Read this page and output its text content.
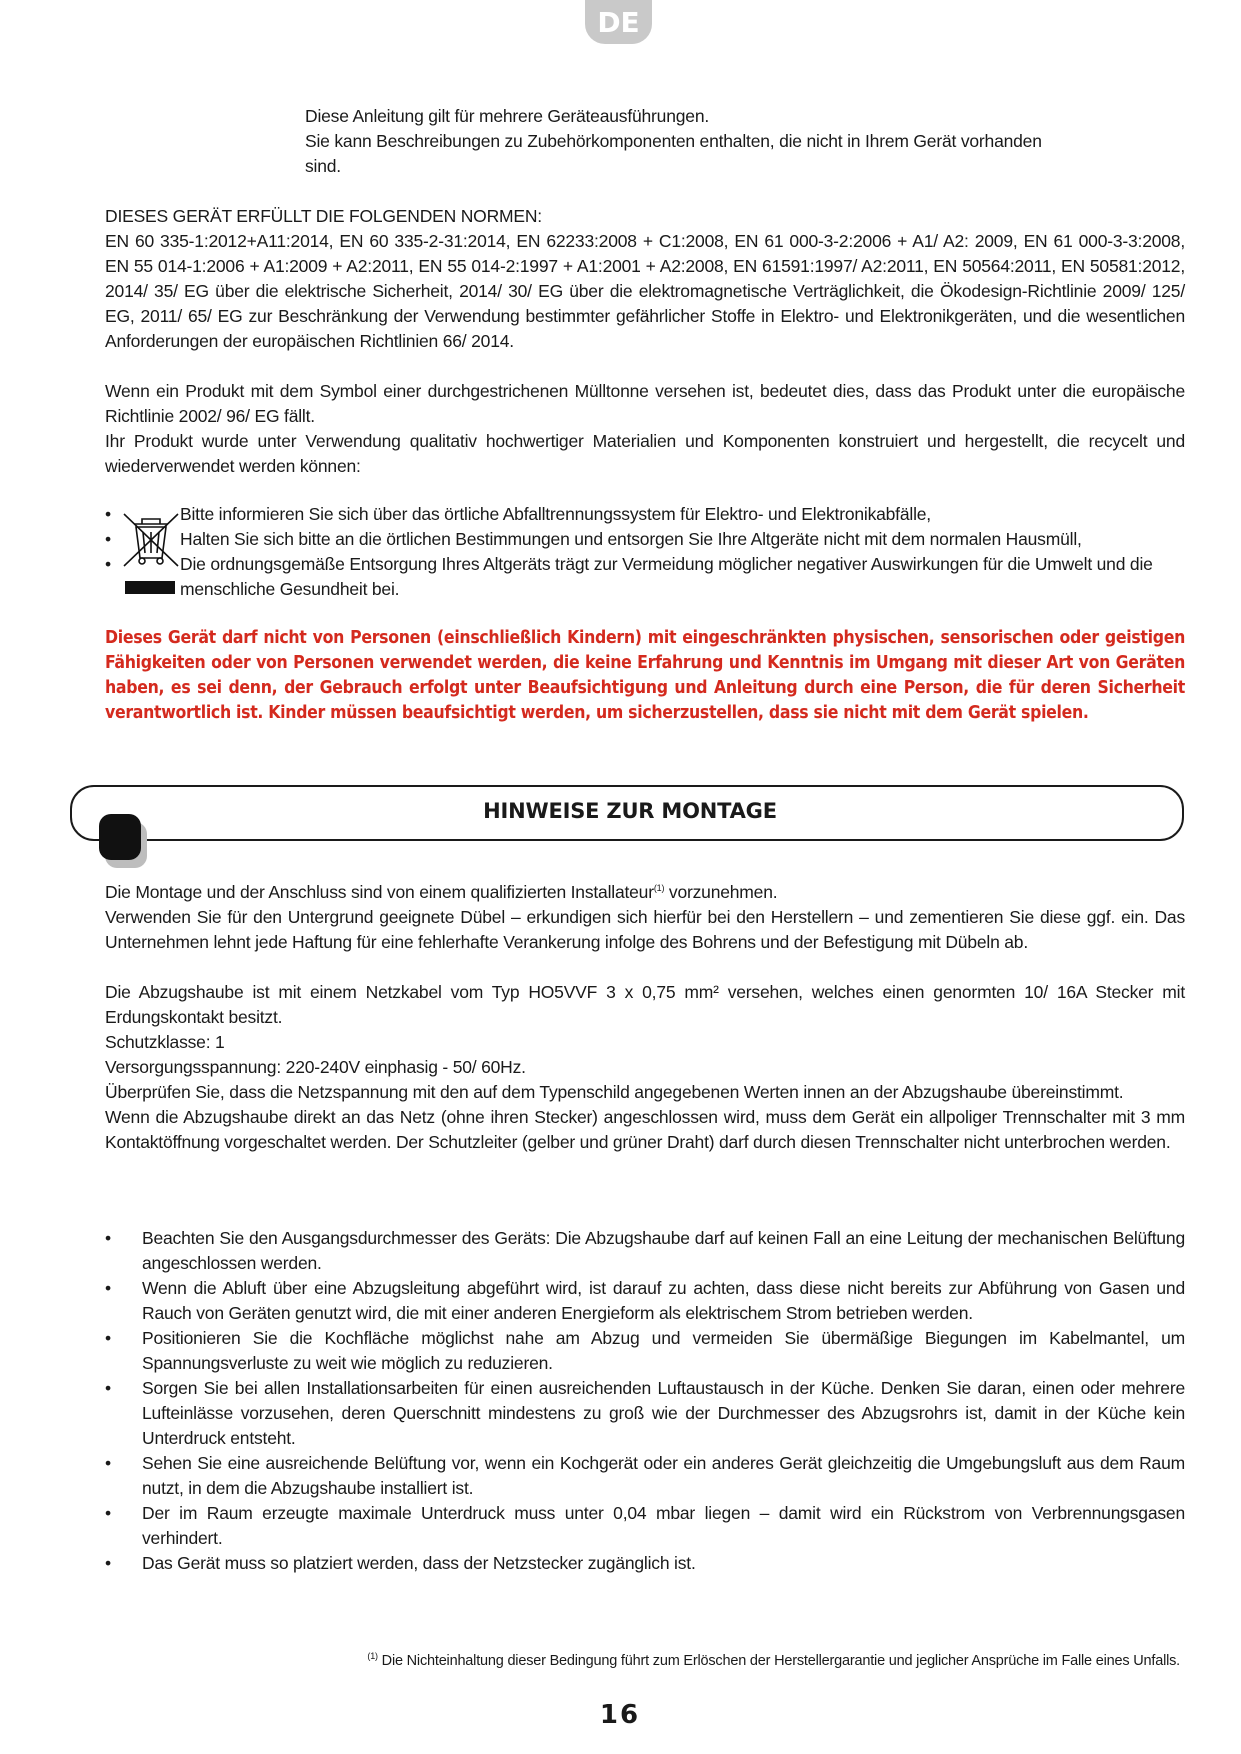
DE
Diese Anleitung gilt für mehrere Geräteausführungen.
Sie kann Beschreibungen zu Zubehörkomponenten enthalten, die nicht in Ihrem Gerät vorhanden sind.

DIESES GERÄT ERFÜLLT DIE FOLGENDEN NORMEN:

EN 60 335-1:2012+A11:2014, EN 60 335-2-31:2014, EN 62233:2008 + C1:2008, EN 61 000-3-2:2006 + A1/ A2: 2009, EN 61 000-3-3:2008, EN 55 014-1:2006 + A1:2009 + A2:2011, EN 55 014-2:1997 + A1:2001 + A2:2008, EN 61591:1997/ A2:2011, EN 50564:2011, EN 50581:2012, 2014/ 35/ EG über die elektrische Sicherheit, 2014/ 30/ EG über die elektromagnetische Verträglichkeit, die Ökodesign-Richtlinie 2009/ 125/ EG, 2011/ 65/ EG zur Beschränkung der Verwendung bestimmter gefährlicher Stoffe in Elektro- und Elektronikgeräten, und die wesentlichen Anforderungen der europäischen Richtlinien 66/ 2014.

Wenn ein Produkt mit dem Symbol einer durchgestrichenen Mülltonne versehen ist, bedeutet dies, dass das Produkt unter die europäische Richtlinie 2002/ 96/ EG fällt.

Ihr Produkt wurde unter Verwendung qualitativ hochwertiger Materialien und Komponenten konstruiert und hergestellt, die recycelt und wiederverwendet werden können:

•	Bitte informieren Sie sich über das örtliche Abfalltrennungssystem für Elektro- und Elektronikabfälle,
•	Halten Sie sich bitte an die örtlichen Bestimmungen und entsorgen Sie Ihre Altgeräte nicht mit dem normalen Hausmüll,
•	Die ordnungsgemäße Entsorgung Ihres Altgeräts trägt zur Vermeidung möglicher negativer Auswirkungen für die Umwelt und die menschliche Gesundheit bei.
Dieses Gerät darf nicht von Personen (einschließlich Kindern) mit eingeschränkten physischen, sensorischen oder geistigen Fähigkeiten oder von Personen verwendet werden, die keine Erfahrung und Kenntnis im Umgang mit dieser Art von Geräten haben, es sei denn, der Gebrauch erfolgt unter Beaufsichtigung und Anleitung durch eine Person, die für deren Sicherheit verantwortlich ist. Kinder müssen beaufsichtigt werden, um sicherzustellen, dass sie nicht mit dem Gerät spielen.
HINWEISE ZUR MONTAGE

Die Montage und der Anschluss sind von einem qualifizierten Installateur$^{(1)}$ vorzunehmen.

Verwenden Sie für den Untergrund geeignete Dübel – erkundigen sich hierfür bei den Herstellern – und zementieren Sie diese ggf. ein. Das Unternehmen lehnt jede Haftung für eine fehlerhafte Verankerung infolge des Bohrens und der Befestigung mit Dübeln ab.

Die Abzugshaube ist mit einem Netzkabel vom Typ HO5VVF 3 x 0,75 mm² versehen, welches einen genormten 10/ 16A Stecker mit Erdungskontakt besitzt.

Schutzklasse: 1

Versorgungsspannung: 220-240V einphasig - 50/ 60Hz.

Überprüfen Sie, dass die Netzspannung mit den auf dem Typenschild angegebenen Werten innen an der Abzugshaube übereinstimmt.

Wenn die Abzugshaube direkt an das Netz (ohne ihren Stecker) angeschlossen wird, muss dem Gerät ein allpoliger Trennschalter mit 3 mm Kontaktöffnung vorgeschaltet werden. Der Schutzleiter (gelber und grüner Draht) darf durch diesen Trennschalter nicht unterbrochen werden.

• Beachten Sie den Ausgangsdurchmesser des Geräts: Die Abzugshaube darf auf keinen Fall an eine Leitung der mechanischen Belüftung angeschlossen werden.
• Wenn die Abluft über eine Abzugsleitung abgeführt wird, ist darauf zu achten, dass diese nicht bereits zur Abführung von Gasen und Rauch von Geräten genutzt wird, die mit einer anderen Energieform als elektrischem Strom betrieben werden.
• Positionieren Sie die Kochfläche möglichst nahe am Abzug und vermeiden Sie übermäßige Biegungen im Kabelmantel, um Spannungsverluste zu weit wie möglich zu reduzieren.
• Sorgen Sie bei allen Installationsarbeiten für einen ausreichenden Luftaustausch in der Küche. Denken Sie daran, einen oder mehrere Lufteinlässe vorzusehen, deren Querschnitt mindestens zu groß wie der Durchmesser des Abzugsrohrs ist, damit in der Küche kein Unterdruck entsteht.
• Sehen Sie eine ausreichende Belüftung vor, wenn ein Kochgerät oder ein anderes Gerät gleichzeitig die Umgebungsluft aus dem Raum nutzt, in dem die Abzugshaube installiert ist.
• Der im Raum erzeugte maximale Unterdruck muss unter 0,04 mbar liegen – damit wird ein Rückstrom von Verbrennungsgasen verhindert.
• Das Gerät muss so platziert werden, dass der Netzstecker zugänglich ist.
$^{(1)}$ Die Nichteinhaltung dieser Bedingung führt zum Erlöschen der Herstellergarantie und jeglicher Ansprüche im Falle eines Unfalls.
16
